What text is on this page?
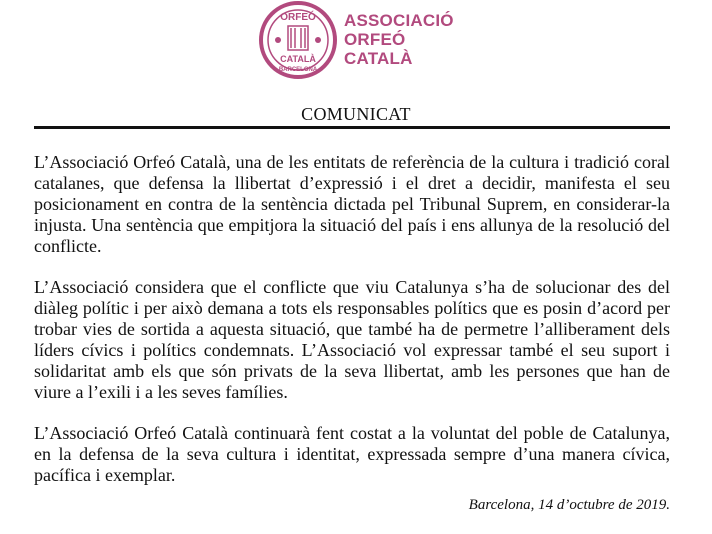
ORFEÓ
CATALÀ
BARCELONA
ASSOCIACIÓ
ORFEÓ
CATALÀ
COMUNICAT

L’Associació Orfeó Català, una de les entitats de referència de la cultura i tradició coral catalanes, que defensa la llibertat d’expressió i el dret a decidir, manifesta el seu posicionament en contra de la sentència dictada pel Tribunal Suprem, en considerar-la injusta. Una sentència que empitjora la situació del país i ens allunya de la resolució del conflicte.

L’Associació considera que el conflicte que viu Catalunya s’ha de solucionar des del diàleg polític i per això demana a tots els responsables polítics que es posin d’acord per trobar vies de sortida a aquesta situació, que també ha de permetre l’alliberament dels líders cívics i polítics condemnats. L’Associació vol expressar també el seu suport i solidaritat amb els que són privats de la seva llibertat, amb les persones que han de viure a l’exili i a les seves famílies.

L’Associació Orfeó Català continuarà fent costat a la voluntat del poble de Catalunya, en la defensa de la seva cultura i identitat, expressada sempre d’una manera cívica, pacífica i exemplar.

Barcelona, 14 d’octubre de 2019.
